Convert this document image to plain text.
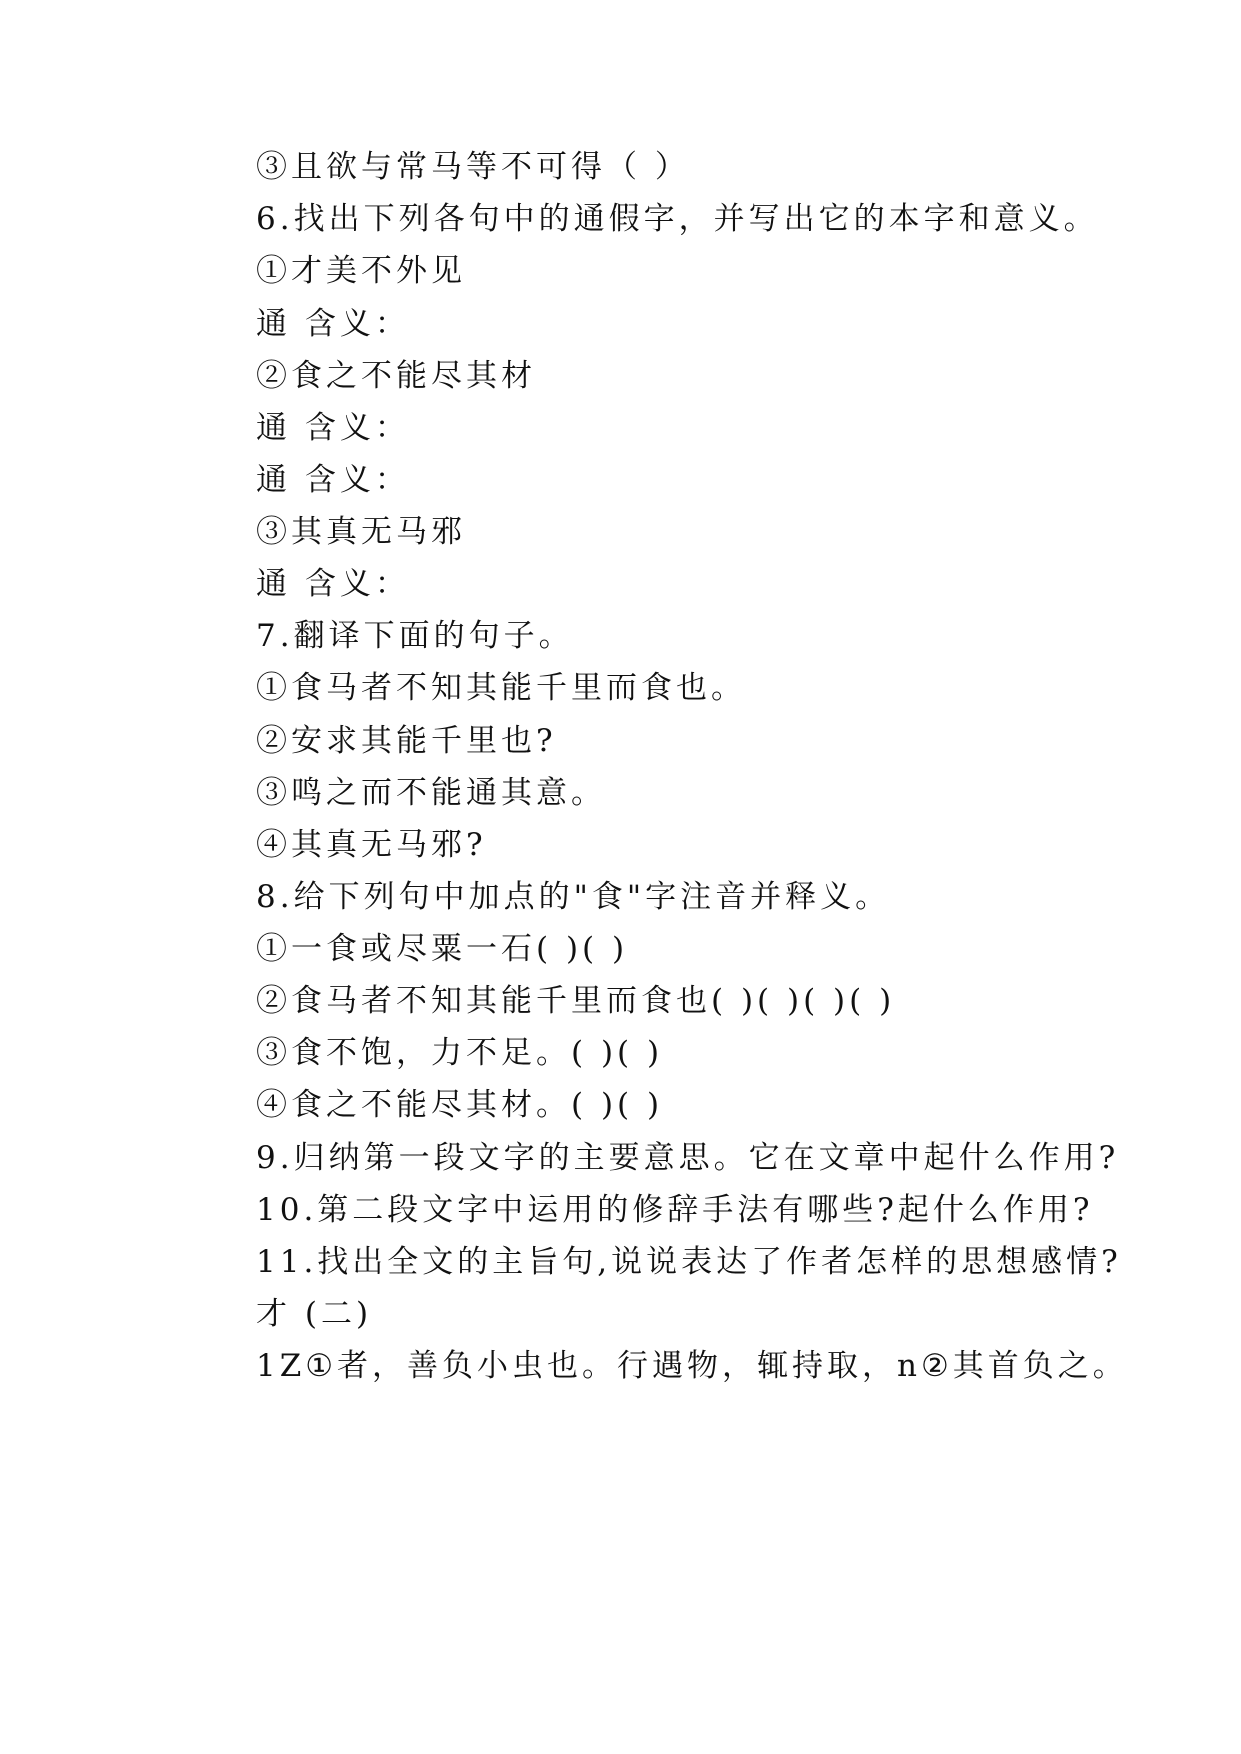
③且欲与常马等不可得（ ）
6.找出下列各句中的通假字，并写出它的本字和意义。
①才美不外见
通 含义：
②食之不能尽其材
通 含义：
通 含义：
③其真无马邪
通 含义：
7.翻译下面的句子。
①食马者不知其能千里而食也。
②安求其能千里也?
③鸣之而不能通其意。
④其真无马邪?
8.给下列句中加点的"食"字注音并释义。
①一食或尽粟一石( )( )
②食马者不知其能千里而食也( )( )( )( )
③食不饱，力不足。( )( )
④食之不能尽其材。( )( )
9.归纳第一段文字的主要意思。它在文章中起什么作用?
10.第二段文字中运用的修辞手法有哪些?起什么作用?
11.找出全文的主旨句,说说表达了作者怎样的思想感情?
才 (二)
1Z①者，善负小虫也。行遇物，辄持取，n②其首负之。
